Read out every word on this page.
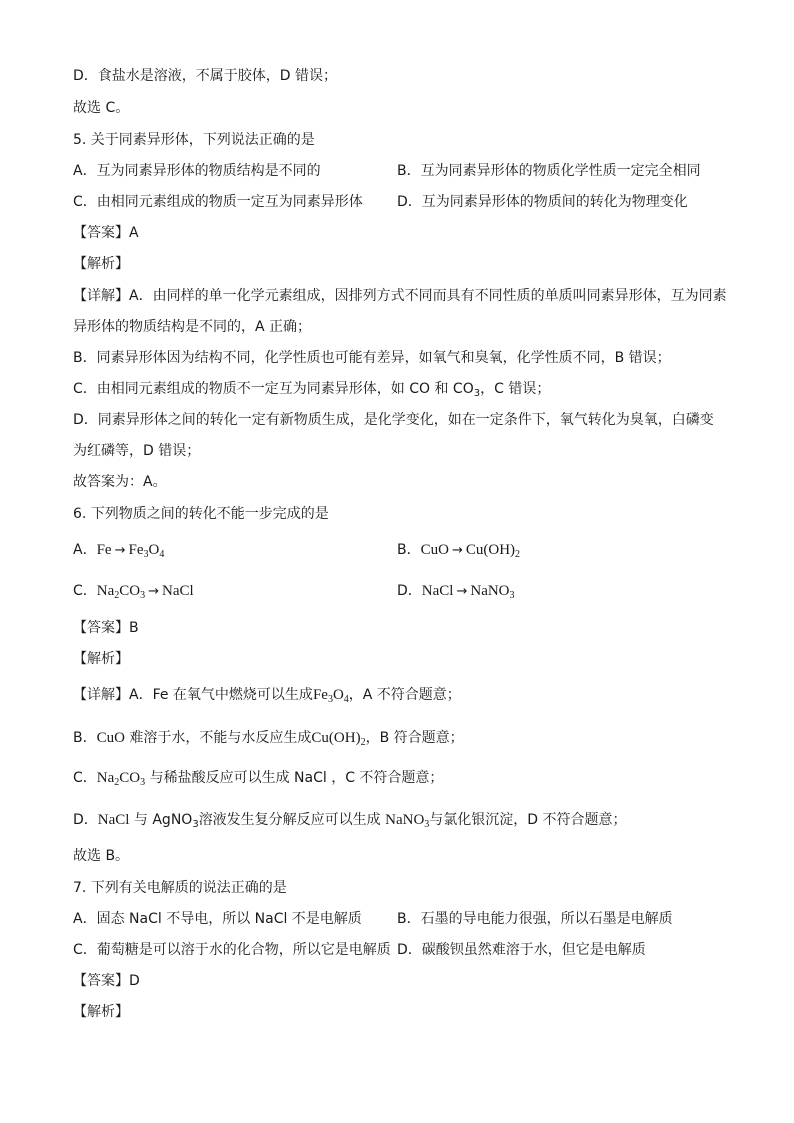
D．食盐水是溶液，不属于胶体，D 错误；
故选 C。
5. 关于同素异形体，下列说法正确的是
A．互为同素异形体的物质结构是不同的	B．互为同素异形体的物质化学性质一定完全相同
C．由相同元素组成的物质一定互为同素异形体 D．互为同素异形体的物质间的转化为物理变化
【答案】A
【解析】
【详解】A．由同样的单一化学元素组成，因排列方式不同而具有不同性质的单质叫同素异形体，互为同素
异形体的物质结构是不同的，A 正确；
B．同素异形体因为结构不同，化学性质也可能有差异，如氧气和臭氧，化学性质不同，B 错误；
C．由相同元素组成的物质不一定互为同素异形体，如 CO 和 $CO_3$，C 错误；
D．同素异形体之间的转化一定有新物质生成，是化学变化，如在一定条件下，氧气转化为臭氧，白磷变
为红磷等，D 错误；
故答案为：A。
6. 下列物质之间的转化不能一步完成的是
A．$Fe \to Fe_3O_4$	B．CuO → $Cu(OH)_2$
C．$Na_2CO_3$ → NaCl	D．NaCl → NaNO$_3$
【答案】B
【解析】
【详解】A．Fe 在氧气中燃烧可以生成$Fe_3O_4$，A 不符合题意；
B．CuO 难溶于水，不能与水反应生成$Cu(OH)_2$，B 符合题意；
C．$Na_2CO_3$ 与稀盐酸反应可以生成 NaCl ，C 不符合题意；
D．NaCl 与 AgNO$_3$溶液发生复分解反应可以生成 NaNO$_3$与氯化银沉淀，D 不符合题意；
故选 B。
7. 下列有关电解质的说法正确的是
A．固态 NaCl 不导电，所以 NaCl 不是电解质	B．石墨的导电能力很强，所以石墨是电解质
C．葡萄糖是可以溶于水的化合物，所以它是电解质 D．碳酸钡虽然难溶于水，但它是电解质
【答案】D
【解析】
